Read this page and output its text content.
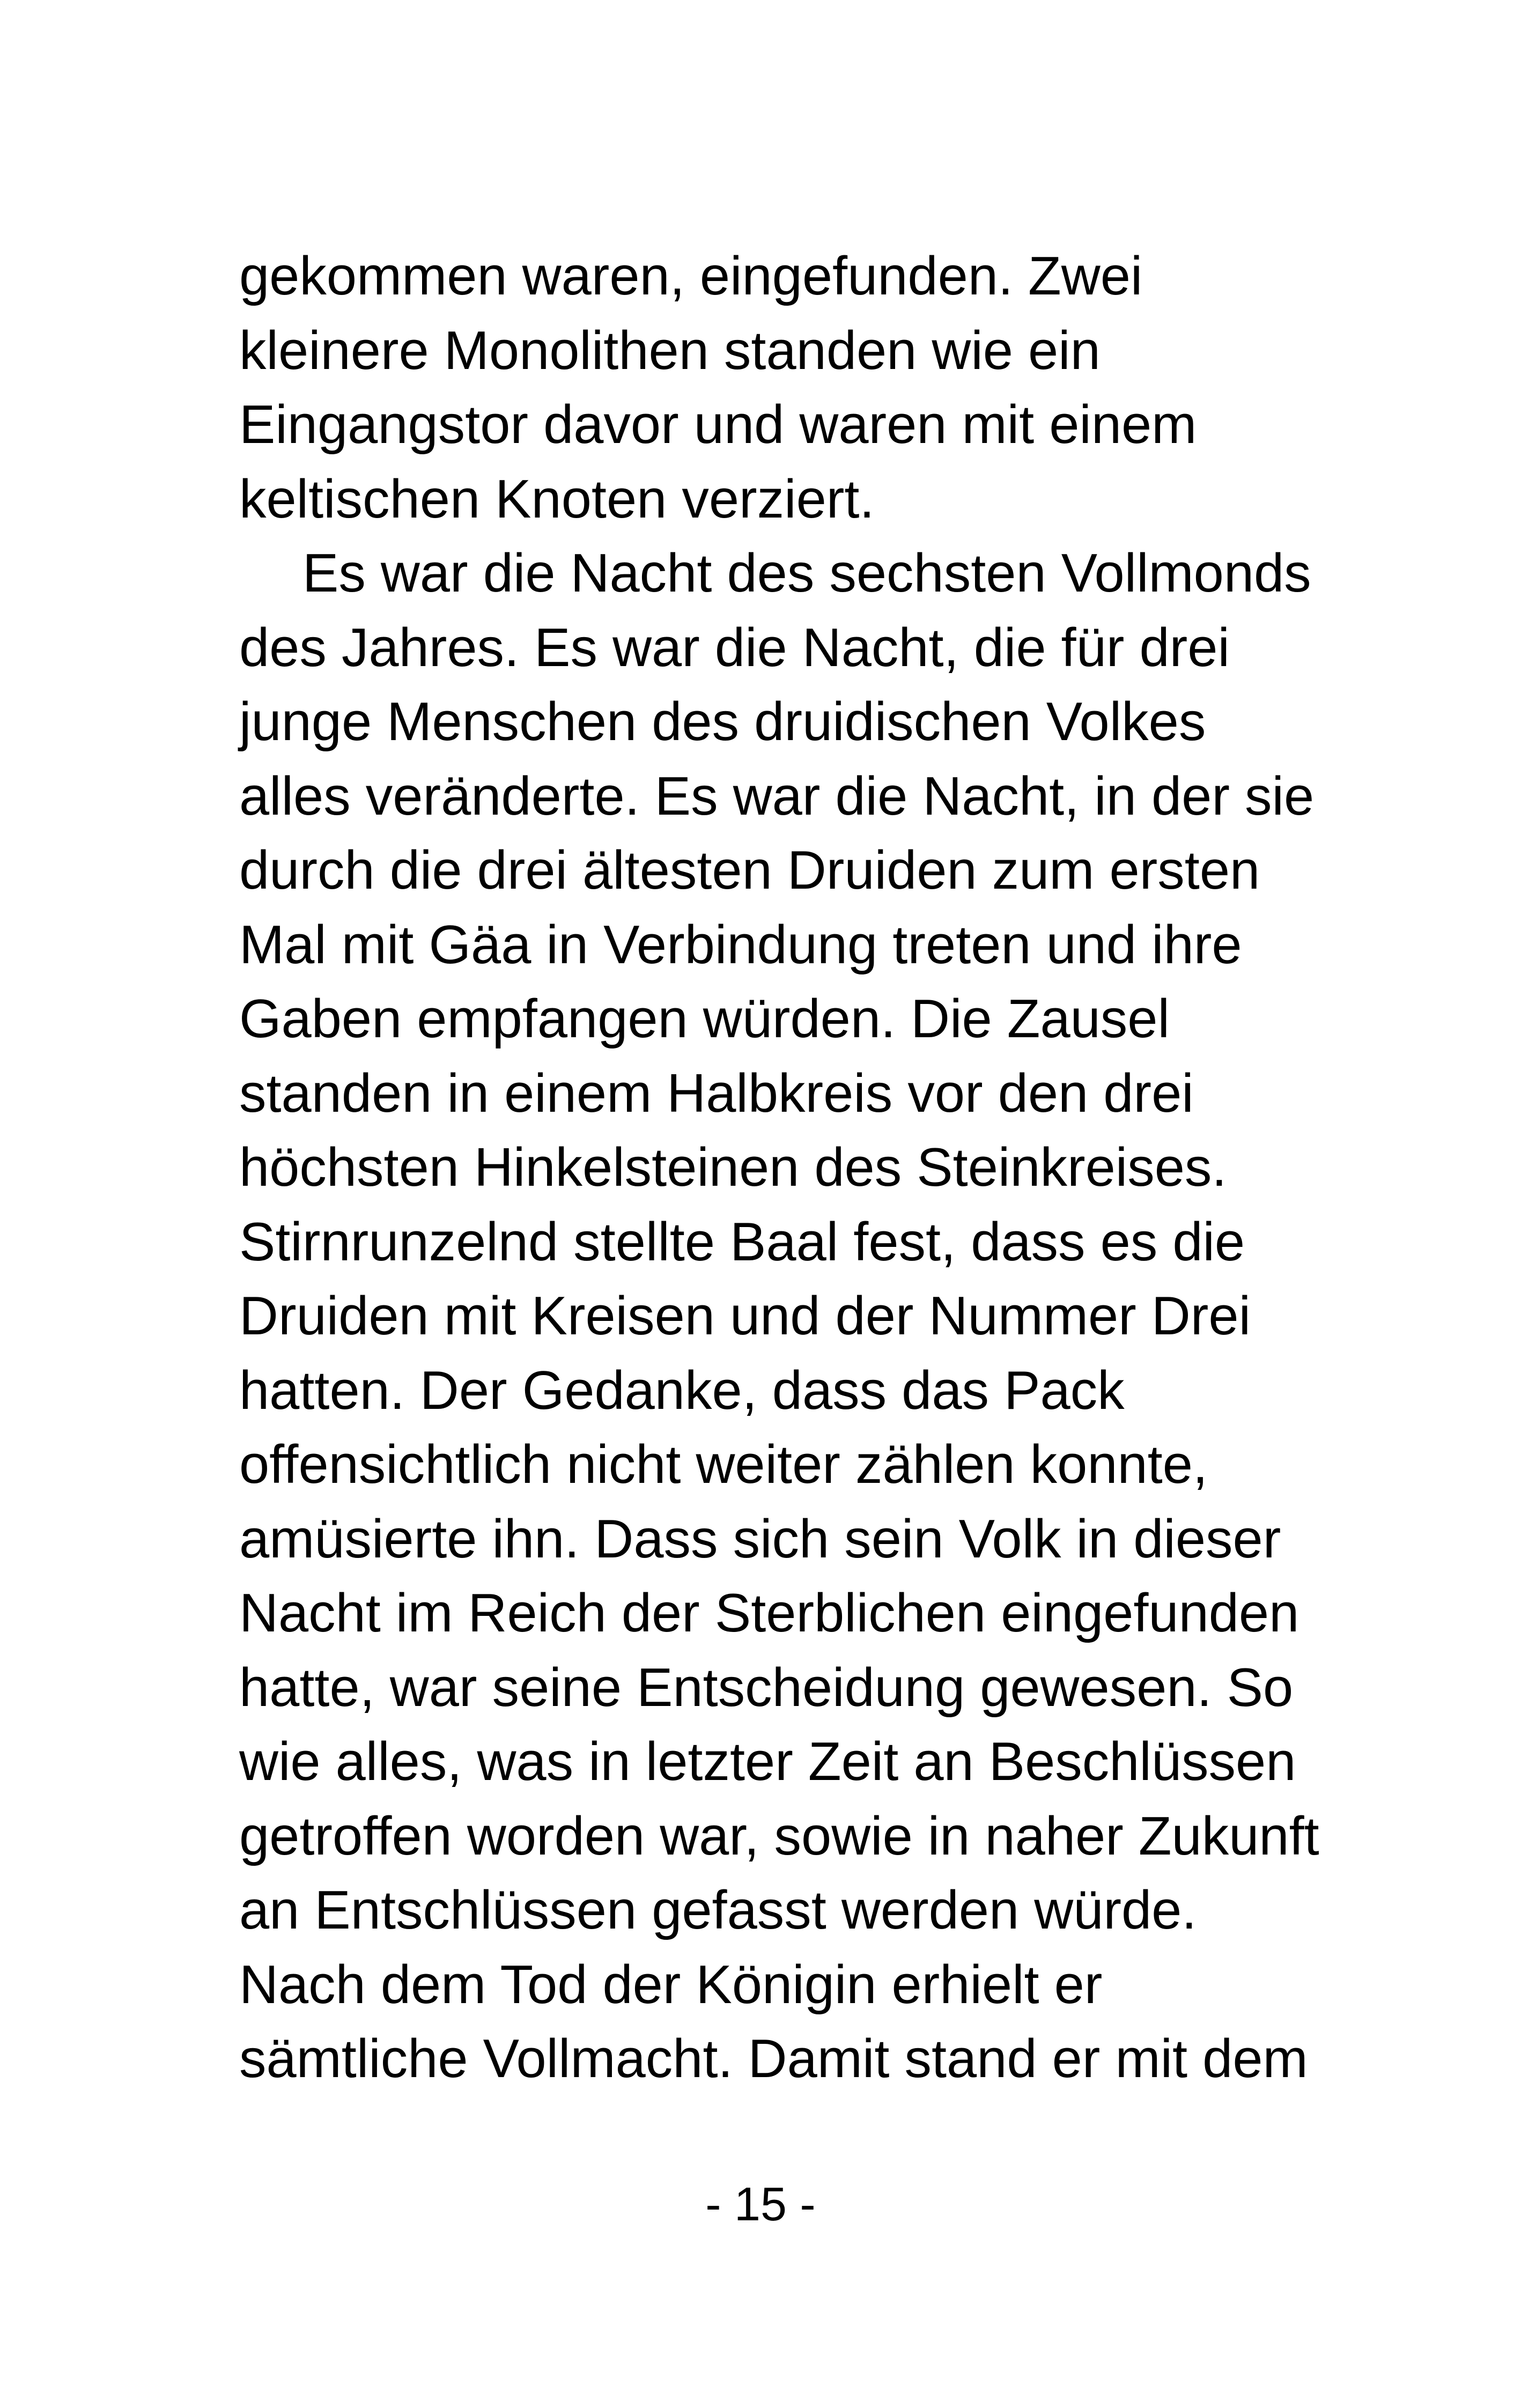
gekommen waren, eingefunden. Zwei
kleinere Monolithen standen wie ein
Eingangstor davor und waren mit einem
keltischen Knoten verziert.
Es war die Nacht des sechsten Vollmonds
des Jahres. Es war die Nacht, die für drei
junge Menschen des druidischen Volkes
alles veränderte. Es war die Nacht, in der sie
durch die drei ältesten Druiden zum ersten
Mal mit Gäa in Verbindung treten und ihre
Gaben empfangen würden. Die Zausel
standen in einem Halbkreis vor den drei
höchsten Hinkelsteinen des Steinkreises.
Stirnrunzelnd stellte Baal fest, dass es die
Druiden mit Kreisen und der Nummer Drei
hatten. Der Gedanke, dass das Pack
offensichtlich nicht weiter zählen konnte,
amüsierte ihn. Dass sich sein Volk in dieser
Nacht im Reich der Sterblichen eingefunden
hatte, war seine Entscheidung gewesen. So
wie alles, was in letzter Zeit an Beschlüssen
getroffen worden war, sowie in naher Zukunft
an Entschlüssen gefasst werden würde.
Nach dem Tod der Königin erhielt er
sämtliche Vollmacht. Damit stand er mit dem
- 15 -
